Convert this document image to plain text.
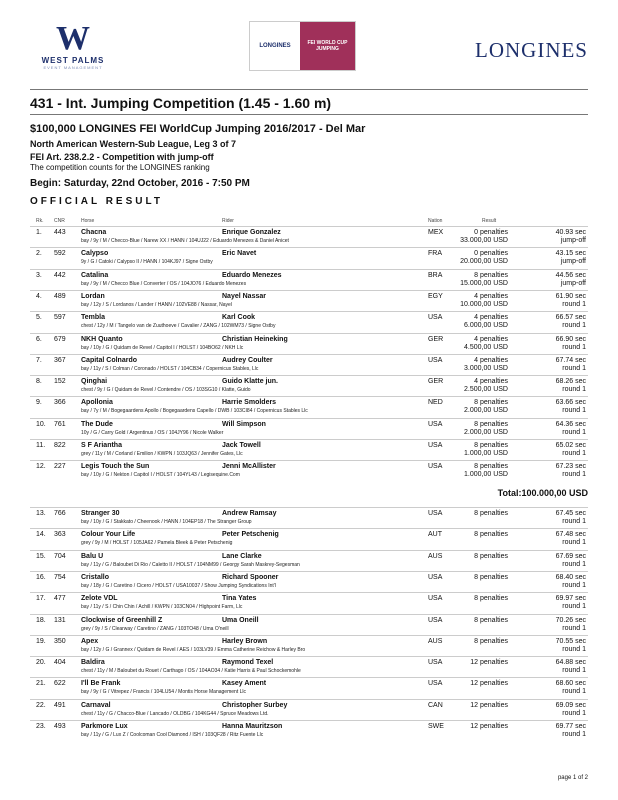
W
WEST PALMS
EVENT MANAGEMENT
LONGINES	FEI WORLD CUP JUMPING	LONGINES
431 - Int. Jumping Competition (1.45 - 1.60 m)
$100,000 LONGINES FEI WorldCup Jumping 2016/2017 - Del Mar
North American Western-Sub League, Leg 3 of 7
FEI Art. 238.2.2 - Competition with jump-off
The competition counts for the LONGINES ranking
Begin: Saturday, 22nd October, 2016 - 7:50 PM
OFFICIAL RESULT
Rk. CNR	Horse	Rider	Nation	Result
1. 443 Chacna	Enrique Gonzalez	MEX	0 penalties
33.000,00 USD
40.93 sec
jump-off
bay / 9y / M / Checco-Blue / Narew XX / HANN / 104UJ22 / Eduardo Menezes & Daniel Anicet
2. 592 Calypso	Eric Navet	FRA	0 penalties
20.000,00 USD
43.15 sec
jump-off
9y / G / Catoki / Calypso II / HANN / 104KJ97 / Signe Ostby
3. 442 Catalina	Eduardo Menezes	BRA	8 penalties
15.000,00 USD
44.56 sec
jump-off
bay / 9y / M / Checco Blue / Converter / OS / 104JO76 / Eduardo Menezes
4. 489 Lordan	Nayel Nassar	EGY	4 penalties
10.000,00 USD
61.90 sec
round 1
bay / 12y / S / Lordanos / Lander / HANN / 102VE88 / Nassar, Nayel
5. 597 Tembla	Karl Cook	USA	4 penalties
6.000,00 USD
66.57 sec
round 1
chest / 12y / M / Tangelo van de Zuuthoeve / Cavalier / ZANG / 102WM73 / Signe Ostby
6. 679 NKH Quanto	Christian Heineking	GER	4 penalties
4.500,00 USD
66.90 sec
round 1
bay / 10y / G / Quidam de Revel / Capitol I / HOLST / 104BO62 / NKH Llc
7. 367 Capital Colnardo	Audrey Coulter	USA	4 penalties
3.000,00 USD
67.74 sec
round 1
bay / 11y / S / Colman / Coronado / HOLST / 104CB34 / Copernicus Stables, Llc
8. 152 Qinghai	Guido Klatte jun.	GER	4 penalties
2.500,00 USD
68.26 sec
round 1
chest / 9y / G / Quidam de Revel / Contendre / OS / 103SG10 / Klatte, Guido
9. 366 Apollonia	Harrie Smolders	NED	8 penalties
2.000,00 USD
63.66 sec
round 1
bay / 7y / M / Bogegaardens Apollo / Bogegaardens Capello / DWB / 103CI84 / Copernicus Stables Llc
10. 761 The Dude	Will Simpson	USA	8 penalties
2.000,00 USD
64.36 sec
round 1
10y / G / Carry Gold / Argentinus / OS / 104JY96 / Nicole Walker
11. 822 S F Ariantha	Jack Towell	USA	8 penalties
1.000,00 USD
65.02 sec
round 1
grey / 11y / M / Corland / Emilion / KWPN / 103JQ63 / Jennifer Gates, Llc
12. 227 Legis Touch the Sun	Jenni McAllister	USA	8 penalties
1.000,00 USD
67.23 sec
round 1
bay / 10y / G / Nekton / Capitol I / HOLST / 104YL43 / Legisequine.Com
Total:100.000,00 USD
13. 766 Stranger 30	Andrew Ramsay	USA	8 penalties	67.45 sec
round 1
bay / 10y / G / Stakkato / Cheenook / HANN / 104EP18 / The Stranger Group
14. 363 Colour Your Life	Peter Petschenig	AUT	8 penalties	67.48 sec
round 1
grey / 9y / M / HOLST / 105JA62 / Pamela Bleek & Peter Petschenig
15. 704 Balu U	Lane Clarke	AUS	8 penalties	67.69 sec
round 1
bay / 11y / G / Baloubet Di Rio / Caletto II / HOLST / 104NM99 / Georgy Sarah Maskrey-Segesman
16. 754 Cristallo	Richard Spooner	USA	8 penalties	68.40 sec
round 1
bay / 18y / G / Caretino / Cicero / HOLST / USA10037 / Show Jumping Syndications Int'l
17. 477 Zelote VDL	Tina Yates	USA	8 penalties	69.97 sec
round 1
bay / 11y / S / Chin Chin / Achill / KWPN / 103CN04 / Highpoint Farm, Llc
18. 131 Clockwise of Greenhill Z	Uma Oneill	USA	8 penalties	70.26 sec
round 1
grey / 9y / S / Clearway / Caretino / ZANG / 103TO48 / Uma O'neill
19. 350 Apex	Harley Brown	AUS	8 penalties	70.55 sec
round 1
bay / 12y / G / Grannex / Quidam de Revel / AES / 103LV39 / Emma Catherine Reichow & Harley Bro
20. 404 Baldira	Raymond Texel	USA	12 penalties	64.88 sec
round 1
chest / 11y / M / Baloubet du Rouet / Carthago / OS / 104AO34 / Katie Harris & Paul Schockemohle
21. 622 I'll Be Frank	Kasey Ament	USA	12 penalties	68.60 sec
round 1
bay / 9y / G / Vitrepez / Francis / 104LU54 / Montis Horse Management Llc
22. 491 Carnaval	Christopher Surbey	CAN	12 penalties	69.09 sec
round 1
chest / 11y / G / Chacco-Blue / Lancado / OLDBG / 104KG44 / Spruce Meadows Ltd.
23. 493 Parkmore Lux	Hanna Mauritzson	SWE	12 penalties	69.77 sec
round 1
bay / 11y / G / Lux Z / Coolcoman Cool Diamond / ISH / 103QF28 / Ritz Fuente Llc
page 1 of 2
